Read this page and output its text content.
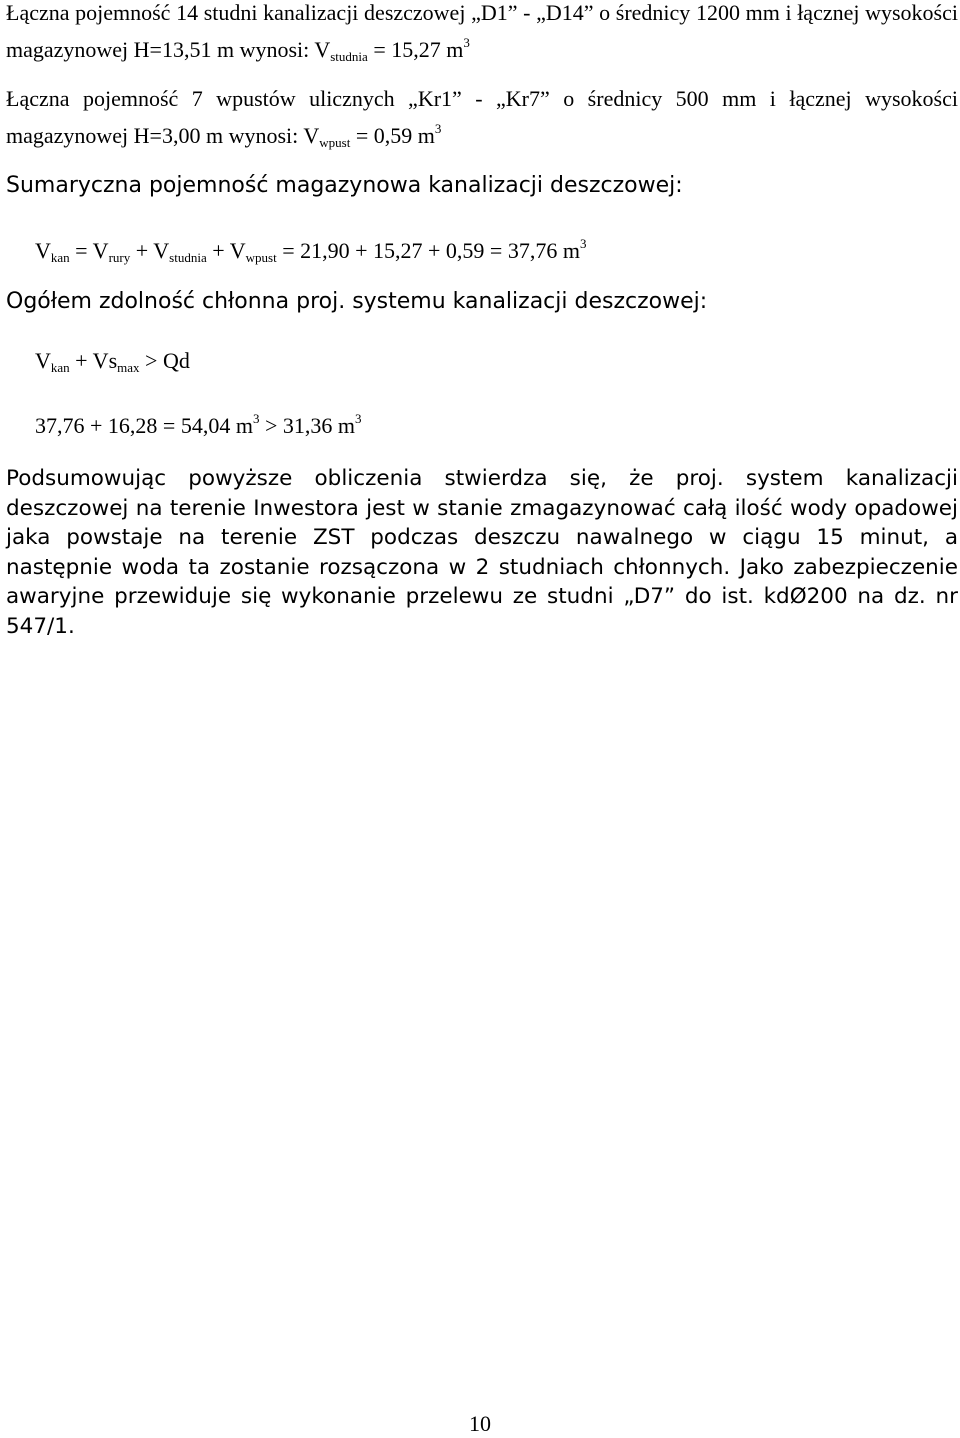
Łączna pojemność 14 studni kanalizacji deszczowej „D1” - „D14” o średnicy 1200 mm i łącznej wysokości magazynowej H=13,51 m wynosi: $V_{studnia} = 15,27$ $m^3$
Łączna pojemność 7 wpustów ulicznych „Kr1” - „Kr7” o średnicy 500 mm i łącznej wysokości magazynowej H=3,00 m wynosi: $V_{wpust} = 0,59$ $m^3$
Sumaryczna pojemność magazynowa kanalizacji deszczowej:
$V_{kan} = V_{rury} + V_{studnia} + V_{wpust} = 21,90 + 15,27 + 0,59 = 37,76$ $m^3$
Ogółem zdolność chłonna proj. systemu kanalizacji deszczowej:
$V_{kan} + Vs_{max} > Qd$
37,76 + 16,28 = 54,04 $m^3 > 31,36$ $m^3$
Podsumowując powyższe obliczenia stwierdza się, że proj. system kanalizacji deszczowej na terenie Inwestora jest w stanie zmagazynować całą ilość wody opadowej jaka powstaje na terenie ZST podczas deszczu nawalnego w ciągu 15 minut, a następnie woda ta zostanie rozsączona w 2 studniach chłonnych. Jako zabezpieczenie awaryjne przewiduje się wykonanie przelewu ze studni „D7” do ist. kdØ200 na dz. nr 547/1.
10
